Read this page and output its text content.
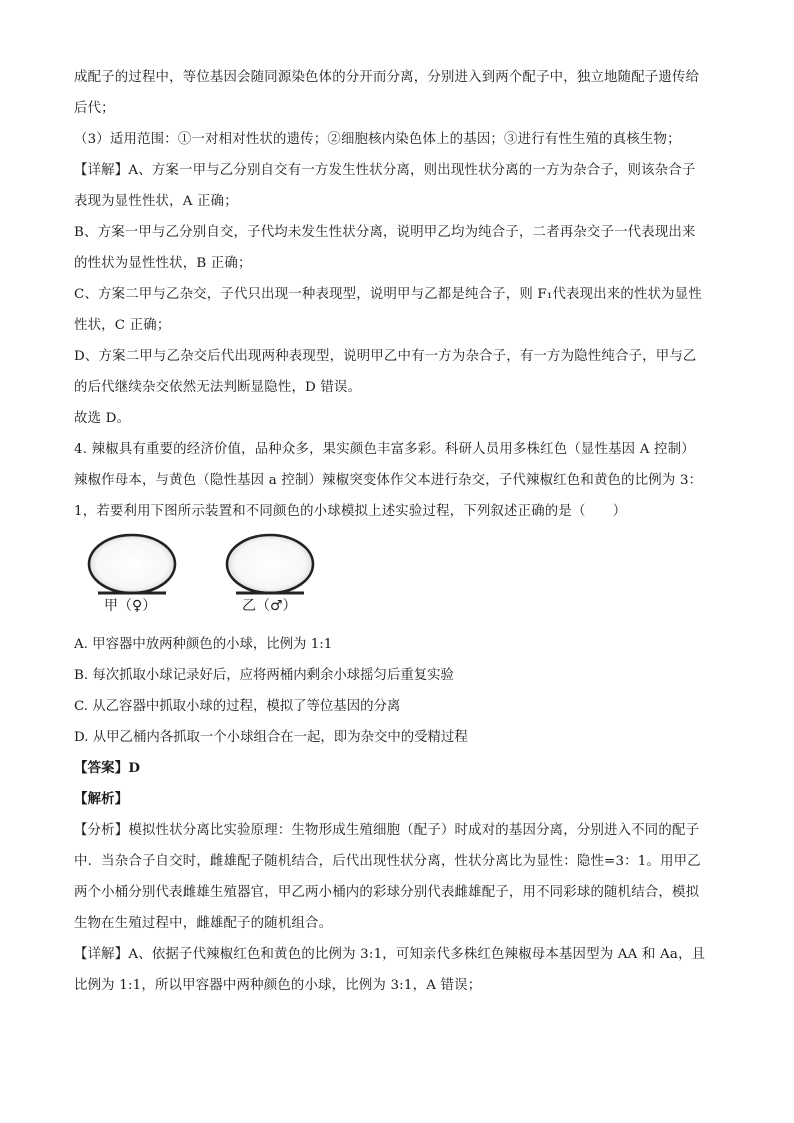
成配子的过程中，等位基因会随同源染色体的分开而分离，分别进入到两个配子中，独立地随配子遗传给
后代；
（3）适用范围：①一对相对性状的遗传；②细胞核内染色体上的基因；③进行有性生殖的真核生物；
【详解】A、方案一甲与乙分别自交有一方发生性状分离，则出现性状分离的一方为杂合子，则该杂合子
表现为显性性状，A 正确；
B、方案一甲与乙分别自交，子代均未发生性状分离，说明甲乙均为纯合子，二者再杂交子一代表现出来
的性状为显性性状，B 正确；
C、方案二甲与乙杂交，子代只出现一种表现型，说明甲与乙都是纯合子，则 F₁代表现出来的性状为显性
性状，C 正确；
D、方案二甲与乙杂交后代出现两种表现型，说明甲乙中有一方为杂合子，有一方为隐性纯合子，甲与乙
的后代继续杂交依然无法判断显隐性，D 错误。
故选 D。
4. 辣椒具有重要的经济价值，品种众多，果实颜色丰富多彩。科研人员用多株红色（显性基因 A 控制）
辣椒作母本，与黄色（隐性基因 a 控制）辣椒突变体作父本进行杂交，子代辣椒红色和黄色的比例为 3：
1，若要利用下图所示装置和不同颜色的小球模拟上述实验过程，下列叙述正确的是（　　）
甲（♀）	乙（♂）
A. 甲容器中放两种颜色的小球，比例为 1:1
B. 每次抓取小球记录好后，应将两桶内剩余小球摇匀后重复实验
C. 从乙容器中抓取小球的过程，模拟了等位基因的分离
D. 从甲乙桶内各抓取一个小球组合在一起，即为杂交中的受精过程
【答案】D
【解析】
【分析】模拟性状分离比实验原理：生物形成生殖细胞（配子）时成对的基因分离，分别进入不同的配子
中．当杂合子自交时，雌雄配子随机结合，后代出现性状分离，性状分离比为显性：隐性=3：1。用甲乙
两个小桶分别代表雌雄生殖器官，甲乙两小桶内的彩球分别代表雌雄配子，用不同彩球的随机结合，模拟
生物在生殖过程中，雌雄配子的随机组合。
【详解】A、依据子代辣椒红色和黄色的比例为 3:1，可知亲代多株红色辣椒母本基因型为 AA 和 Aa，且
比例为 1:1，所以甲容器中两种颜色的小球，比例为 3:1，A 错误；
